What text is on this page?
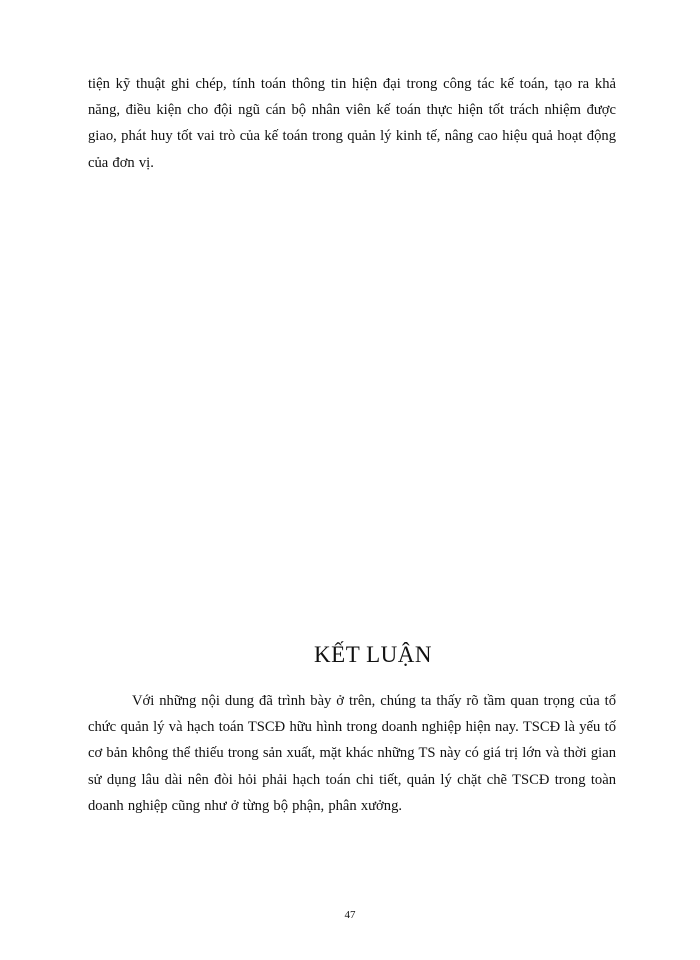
tiện kỹ thuật ghi chép, tính toán thông tin hiện đại trong công tác kế toán, tạo ra khả năng, điều kiện cho đội ngũ cán bộ nhân viên kế toán thực hiện tốt trách nhiệm được giao, phát huy tốt vai trò của kế toán trong quản lý kinh tế, nâng cao hiệu quả hoạt động của đơn vị.

KẾT LUẬN

Với những nội dung đã trình bày ở trên, chúng ta thấy rõ tầm quan trọng của tổ chức quản lý và hạch toán TSCĐ hữu hình trong doanh nghiệp hiện nay. TSCĐ là yếu tố cơ bản không thể thiếu trong sản xuất, mặt khác những TS này có giá trị lớn và thời gian sử dụng lâu dài nên đòi hỏi phải hạch toán chi tiết, quản lý chặt chẽ TSCĐ trong toàn doanh nghiệp cũng như ở từng bộ phận, phân xưởng.

47
